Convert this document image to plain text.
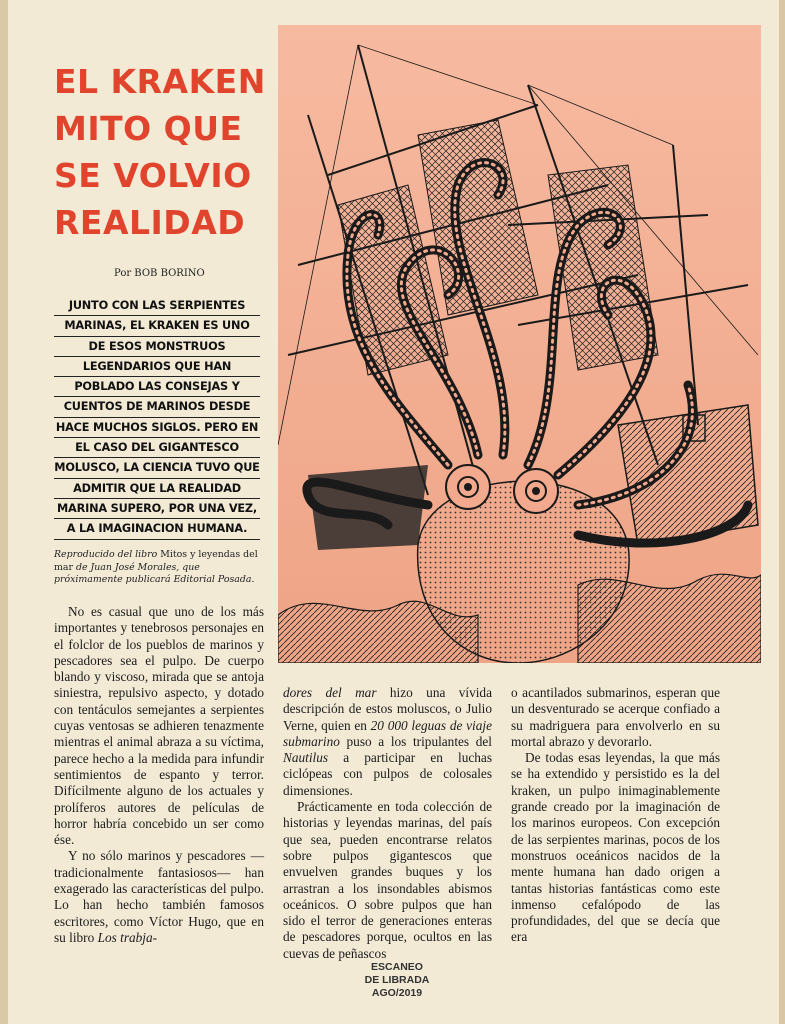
EL KRAKEN
MITO QUE
SE VOLVIO
REALIDAD
Por BOB BORINO
JUNTO CON LAS SERPIENTES
MARINAS, EL KRAKEN ES UNO
DE ESOS MONSTRUOS
LEGENDARIOS QUE HAN
POBLADO LAS CONSEJAS Y
CUENTOS DE MARINOS DESDE
HACE MUCHOS SIGLOS. PERO EN
EL CASO DEL GIGANTESCO
MOLUSCO, LA CIENCIA TUVO QUE
ADMITIR QUE LA REALIDAD
MARINA SUPERO, POR UNA VEZ,
A LA IMAGINACION HUMANA.
Reproducido del libro Mitos y leyendas del mar de Juan José Morales, que próximamente publicará Editorial Posada.

No es casual que uno de los más importantes y tenebrosos personajes en el folclor de los pueblos de marinos y pescadores sea el pulpo. De cuerpo blando y viscoso, mirada que se antoja siniestra, repulsivo aspecto, y dotado con tentáculos semejantes a serpientes cuyas ventosas se adhieren tenazmente mientras el animal abraza a su víctima, parece hecho a la medida para infundir sentimientos de espanto y terror. Difícilmente alguno de los actuales y prolíferos autores de películas de horror habría concebido un ser como ése.

Y no sólo marinos y pescadores —tradicionalmente fantasiosos— han exagerado las características del pulpo. Lo han hecho también famosos escritores, como Víctor Hugo, que en su libro Los trabja-

dores del mar hizo una vívida descripción de estos moluscos, o Julio Verne, quien en 20 000 leguas de viaje submarino puso a los tripulantes del Nautilus a participar en luchas ciclópeas con pulpos de colosales dimensiones.

Prácticamente en toda colección de historias y leyendas marinas, del país que sea, pueden encontrarse relatos sobre pulpos gigantescos que envuelven grandes buques y los arrastran a los insondables abismos oceánicos. O sobre pulpos que han sido el terror de generaciones enteras de pescadores porque, ocultos en las cuevas de peñascos

o acantilados submarinos, esperan que un desventurado se acerque confiado a su madriguera para envolverlo en su mortal abrazo y devorarlo.

De todas esas leyendas, la que más se ha extendido y persistido es la del kraken, un pulpo inimaginablemente grande creado por la imaginación de los marinos europeos. Con excepción de las serpientes marinas, pocos de los monstruos oceánicos nacidos de la mente humana han dado origen a tantas historias fantásticas como este inmenso cefalópodo de las profundidades, del que se decía que era

ESCANEO
DE LIBRADA
AGO/2019
